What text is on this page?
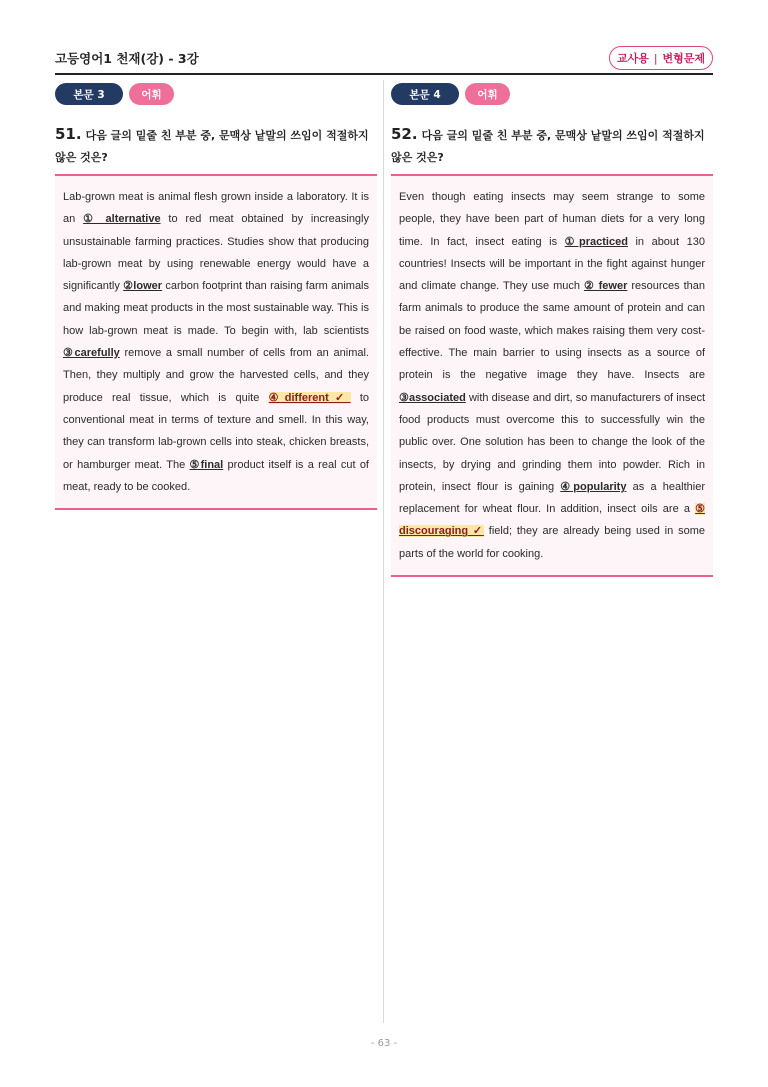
고등영어1 천재(강) - 3강	교사용 | 변형문제
본문 3	어휘
51. 다음 글의 밑줄 친 부분 중, 문맥상 낱말의 쓰임이 적절하지 않은 것은?
Lab-grown meat is animal flesh grown inside a laboratory. It is an ① alternative to red meat obtained by increasingly unsustainable farming practices. Studies show that producing lab-grown meat by using renewable energy would have a significantly ②lower carbon footprint than raising farm animals and making meat products in the most sustainable way. This is how lab-grown meat is made. To begin with, lab scientists ③carefully remove a small number of cells from an animal. Then, they multiply and grow the harvested cells, and they produce real tissue, which is quite ④different✓ to conventional meat in terms of texture and smell. In this way, they can transform lab-grown cells into steak, chicken breasts, or hamburger meat. The ⑤final product itself is a real cut of meat, ready to be cooked.
본문 4	어휘
52. 다음 글의 밑줄 친 부분 중, 문맥상 낱말의 쓰임이 적절하지 않은 것은?
Even though eating insects may seem strange to some people, they have been part of human diets for a very long time. In fact, insect eating is ①practiced in about 130 countries! Insects will be important in the fight against hunger and climate change. They use much ② fewer resources than farm animals to produce the same amount of protein and can be raised on food waste, which makes raising them very cost-effective. The main barrier to using insects as a source of protein is the negative image they have. Insects are ③associated with disease and dirt, so manufacturers of insect food products must overcome this to successfully win the public over. One solution has been to change the look of the insects, by drying and grinding them into powder. Rich in protein, insect flour is gaining ④popularity as a healthier replacement for wheat flour. In addition, insect oils are a ⑤ discouraging ✓ field; they are already being used in some parts of the world for cooking.
- 63 -
